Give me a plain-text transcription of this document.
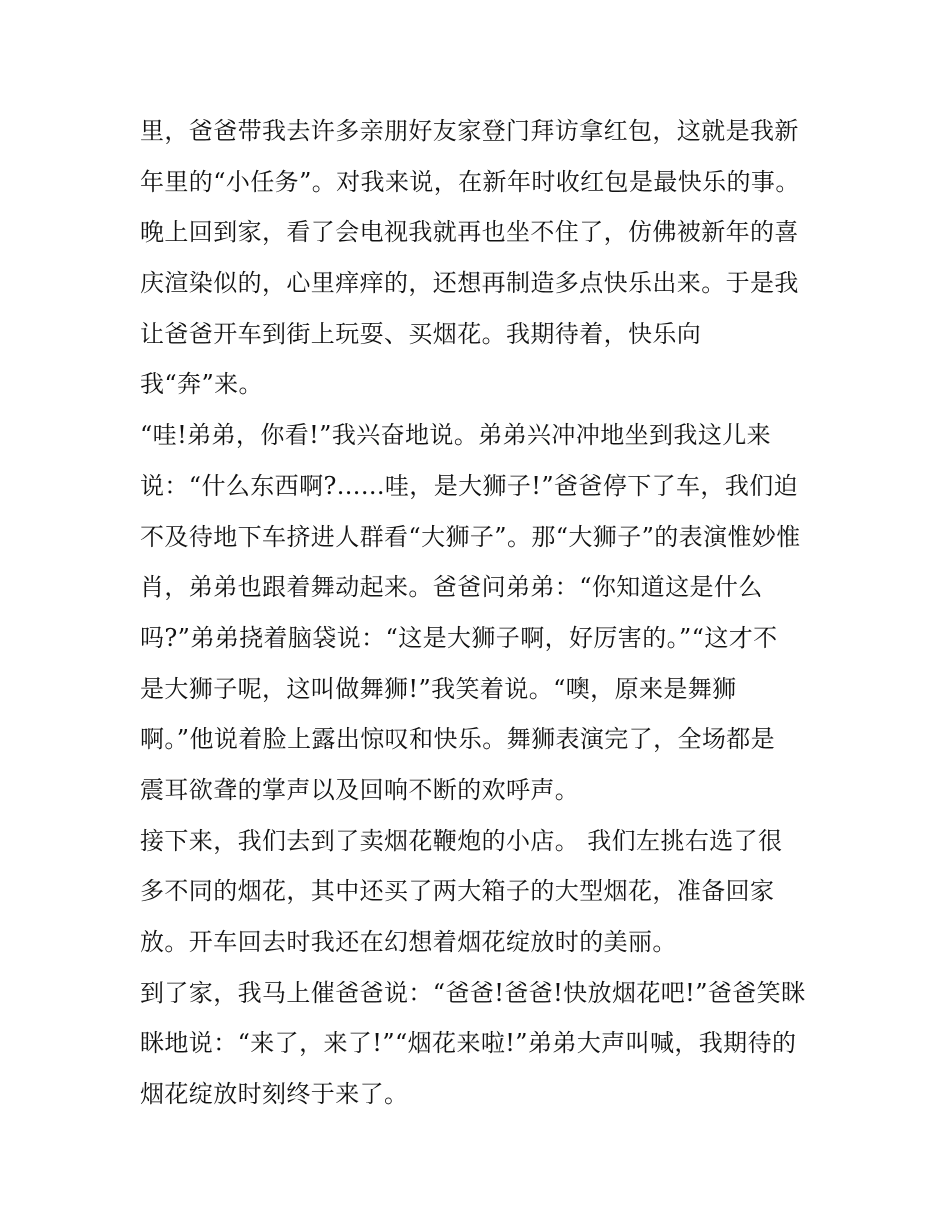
里，爸爸带我去许多亲朋好友家登门拜访拿红包，这就是我新
年里的“小任务”。对我来说，在新年时收红包是最快乐的事。
晚上回到家，看了会电视我就再也坐不住了，仿佛被新年的喜
庆渲染似的，心里痒痒的，还想再制造多点快乐出来。于是我
让爸爸开车到街上玩耍、买烟花。我期待着，快乐向
我“奔”来。
“哇!弟弟，你看!”我兴奋地说。弟弟兴冲冲地坐到我这儿来
说：“什么东西啊?......哇，是大狮子!”爸爸停下了车，我们迫
不及待地下车挤进人群看“大狮子”。那“大狮子”的表演惟妙惟
肖，弟弟也跟着舞动起来。爸爸问弟弟：“你知道这是什么
吗?”弟弟挠着脑袋说：“这是大狮子啊，好厉害的。”“这才不
是大狮子呢，这叫做舞狮!”我笑着说。“噢，原来是舞狮
啊。”他说着脸上露出惊叹和快乐。舞狮表演完了，全场都是
震耳欲聋的掌声以及回响不断的欢呼声。
接下来，我们去到了卖烟花鞭炮的小店。 我们左挑右选了很
多不同的烟花，其中还买了两大箱子的大型烟花，准备回家
放。开车回去时我还在幻想着烟花绽放时的美丽。
到了家，我马上催爸爸说：“爸爸!爸爸!快放烟花吧!”爸爸笑眯
眯地说：“来了，来了!”“烟花来啦!”弟弟大声叫喊，我期待的
烟花绽放时刻终于来了。
